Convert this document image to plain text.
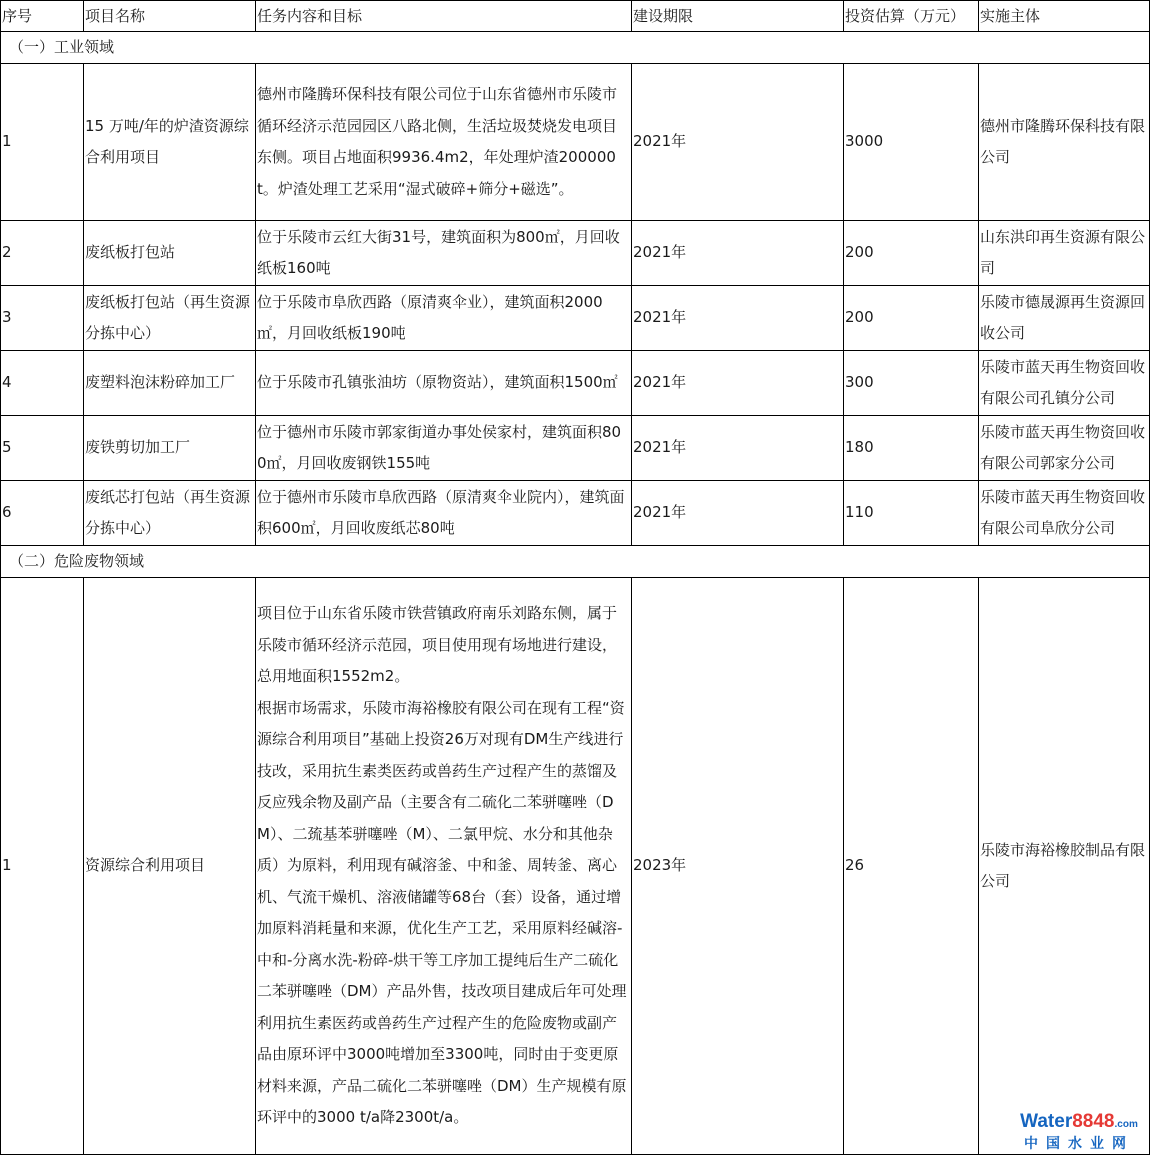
序号	项目名称	任务内容和目标	建设期限	投资估算（万元）	实施主体
（一）工业领域					
1	15 万吨/年的炉渣资源综合利用项目	德州市隆腾环保科技有限公司位于山东省德州市乐陵市循环经济示范园园区八路北侧，生活垃圾焚烧发电项目东侧。项目占地面积9936.4m2，年处理炉渣200000t。炉渣处理工艺采用“湿式破碎+筛分+磁选”。	2021年	3000	德州市隆腾环保科技有限公司
2	废纸板打包站	位于乐陵市云红大街31号，建筑面积为800㎡，月回收纸板160吨	2021年	200	山东洪印再生资源有限公司
3	废纸板打包站（再生资源分拣中心）	位于乐陵市阜欣西路（原清爽伞业），建筑面积2000㎡，月回收纸板190吨	2021年	200	乐陵市德晟源再生资源回收公司
4	废塑料泡沫粉碎加工厂	位于乐陵市孔镇张油坊（原物资站），建筑面积1500㎡	2021年	300	乐陵市蓝天再生物资回收有限公司孔镇分公司
5	废铁剪切加工厂	位于德州市乐陵市郭家街道办事处侯家村，建筑面积800㎡，月回收废钢铁155吨	2021年	180	乐陵市蓝天再生物资回收有限公司郭家分公司
6	废纸芯打包站（再生资源分拣中心）	位于德州市乐陵市阜欣西路（原清爽伞业院内），建筑面积600㎡，月回收废纸芯80吨	2021年	110	乐陵市蓝天再生物资回收有限公司阜欣分公司
（二）危险废物领域					
1	资源综合利用项目	项目位于山东省乐陵市铁营镇政府南乐刘路东侧，属于乐陵市循环经济示范园，项目使用现有场地进行建设，总用地面积1552m2。
根据市场需求，乐陵市海裕橡胶有限公司在现有工程“资源综合利用项目”基础上投资26万对现有DM生产线进行技改，采用抗生素类医药或兽药生产过程产生的蒸馏及反应残余物及副产品（主要含有二硫化二苯骈噻唑（DM）、二巯基苯骈噻唑（M）、二氯甲烷、水分和其他杂质）为原料，利用现有碱溶釜、中和釜、周转釜、离心机、气流干燥机、溶液储罐等68台（套）设备，通过增加原料消耗量和来源，优化生产工艺，采用原料经碱溶-中和-分离水洗-粉碎-烘干等工序加工提纯后生产二硫化二苯骈噻唑（DM）产品外售，技改项目建成后年可处理利用抗生素医药或兽药生产过程产生的危险废物或副产品由原环评中3000吨增加至3300吨，同时由于变更原材料来源，产品二硫化二苯骈噻唑（DM）生产规模有原环评中的3000 t/a降2300t/a。	2023年	26	乐陵市海裕橡胶制品有限公司
Water8848.com
中国水业网
